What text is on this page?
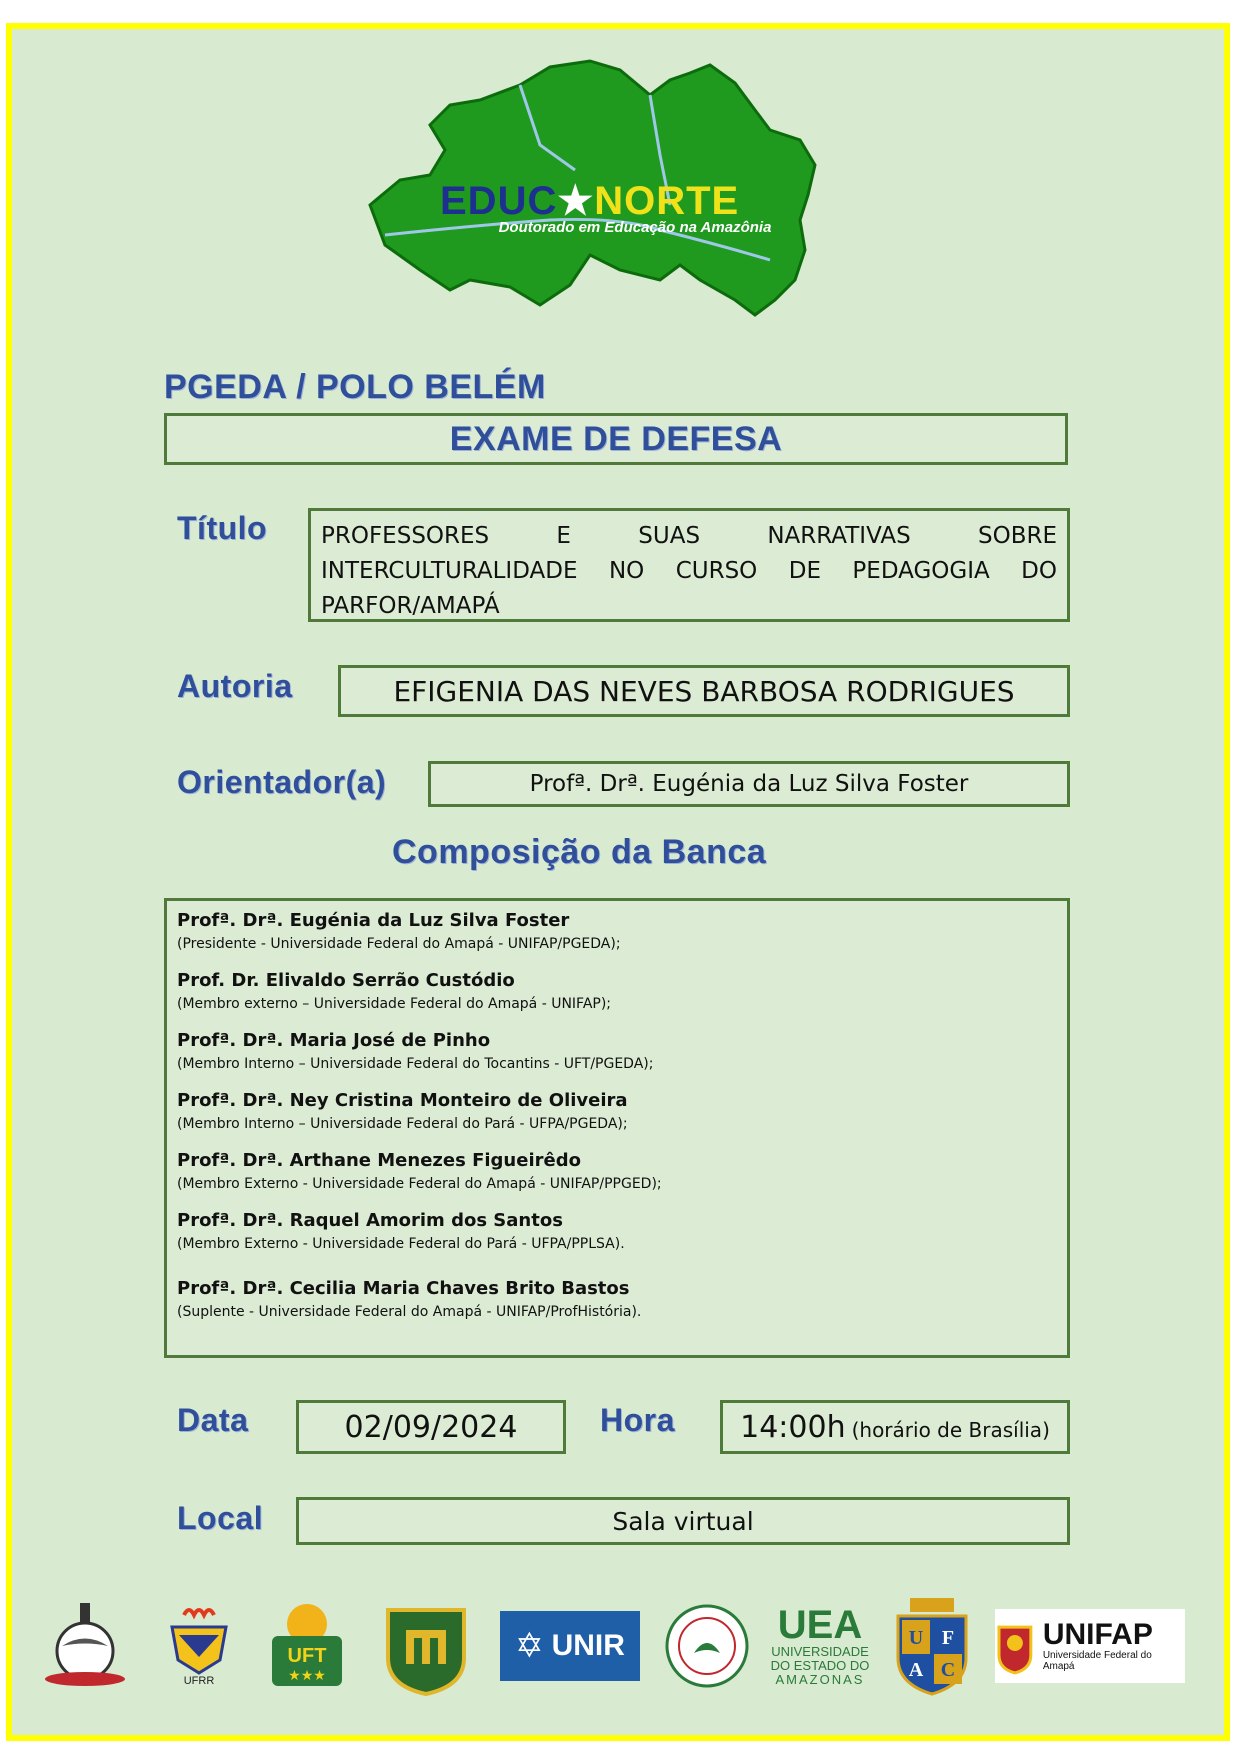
EDUC★NORTE
Doutorado em Educação na Amazônia
PGEDA / POLO BELÉM
EXAME DE DEFESA
Título	PROFESSORES E SUAS NARRATIVAS SOBRE INTERCULTURALIDADE NO CURSO DE PEDAGOGIA DO PARFOR/AMAPÁ
Autoria	EFIGENIA DAS NEVES BARBOSA RODRIGUES
Orientador(a)	Profª. Drª. Eugénia da Luz Silva Foster
Composição da Banca
Profª. Drª. Eugénia da Luz Silva Foster
(Presidente - Universidade Federal do Amapá - UNIFAP/PGEDA);
Prof. Dr. Elivaldo Serrão Custódio
(Membro externo – Universidade Federal do Amapá - UNIFAP);
Profª. Drª. Maria José de Pinho
(Membro Interno – Universidade Federal do Tocantins - UFT/PGEDA);
Profª. Drª. Ney Cristina Monteiro de Oliveira
(Membro Interno – Universidade Federal do Pará - UFPA/PGEDA);
Profª. Drª. Arthane Menezes Figueirêdo
(Membro Externo - Universidade Federal do Amapá - UNIFAP/PPGED);
Profª. Drª. Raquel Amorim dos Santos
(Membro Externo - Universidade Federal do Pará - UFPA/PPLSA).
Profª. Drª. Cecilia Maria Chaves Brito Bastos
(Suplente - Universidade Federal do Amapá - UNIFAP/ProfHistória).
Data	02/09/2024	Hora 14:00h (horário de Brasília)
Local	Sala virtual
UFRR
UFT
★★★
✡ UNIR	UEA
UNIVERSIDADE
DO ESTADO DO
AMAZONAS
U F
A C
UNIFAP
Universidade Federal do Amapá
